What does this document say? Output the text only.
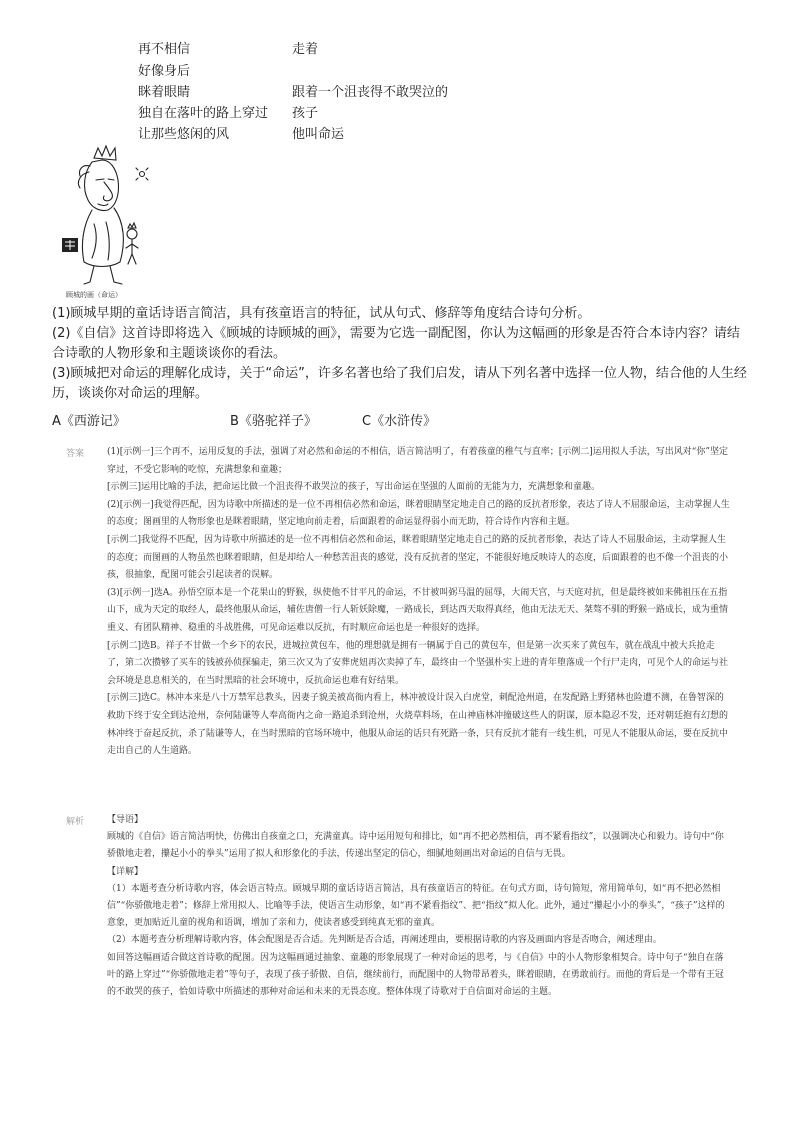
再不相信	走着
好像身后
眯着眼睛	跟着一个沮丧得不敢哭泣的
独自在落叶的路上穿过 孩子
让那些悠闲的风	他叫命运
顾城的画（命运）

(1)顾城早期的童话诗语言简洁，具有孩童语言的特征，试从句式、修辞等角度结合诗句分析。

(2)《自信》这首诗即将选入《顾城的诗顾城的画》，需要为它选一副配图，你认为这幅画的形象是否符合本诗内容？请结合诗歌的人物形象和主题谈谈你的看法。

(3)顾城把对命运的理解化成诗，关于“命运”，许多名著也给了我们启发，请从下列名著中选择一位人物，结合他的人生经历，谈谈你对命运的理解。

A《西游记》	B《骆驼祥子》	C《水浒传》
答案	(1)[示例一]三个再不，运用反复的手法，强调了对必然和命运的不相信，语言简洁明了，有着孩童的稚气与直率；[示例二]运用拟人手法，写出风对“你”坚定穿过，不受它影响的吃惊，充满想象和童趣；

[示例三]运用比喻的手法，把命运比做一个沮丧得不敢哭泣的孩子，写出命运在坚强的人面前的无能为力，充满想象和童趣。

(2)[示例一]我觉得匹配，因为诗歌中所描述的是一位不再相信必然和命运，眯着眼睛坚定地走自己的路的反抗者形象，表达了诗人不屈服命运，主动掌握人生的态度；图画里的人物形象也是眯着眼睛，坚定地向前走着，后面跟着的命运显得弱小而无助，符合诗作内容和主题。

[示例二]我觉得不匹配，因为诗歌中所描述的是一位不再相信必然和命运，眯着眼睛坚定地走自己的路的反抗者形象，表达了诗人不屈服命运，主动掌握人生的态度；而图画的人物虽然也眯着眼睛，但是却给人一种愁苦沮丧的感觉，没有反抗者的坚定，不能很好地反映诗人的态度，后面跟着的也不像一个沮丧的小孩，很抽象，配图可能会引起读者的误解。

(3)[示例一]选A。孙悟空原本是一个花果山的野猴，纵使他不甘平凡的命运，不甘被叫弼马温的屈辱，大闹天宫，与天庭对抗，但是最终被如来佛祖压在五指山下，成为天定的取经人，最终他服从命运，辅佐唐僧一行人斩妖除魔，一路成长，到达西天取得真经，他由无法无天、桀骜不驯的野猴一路成长，成为重情重义、有团队精神、稳重的斗战胜佛，可见命运难以反抗，有时顺应命运也是一种很好的选择。

[示例二]选B。祥子不甘做一个乡下的农民，进城拉黄包车，他的理想就是拥有一辆属于自己的黄包车，但是第一次买来了黄包车，就在战乱中被大兵抢走了，第二次攒够了买车的钱被孙侦探骗走，第三次又为了安葬虎妞再次卖掉了车，最终由一个坚强朴实上进的青年堕落成一个行尸走肉，可见个人的命运与社会环境是息息相关的，在当时黑暗的社会环境中，反抗命运也难有好结果。

[示例三]选C。林冲本来是八十万禁军总教头，因妻子貌美被高衙内看上，林冲被设计误入白虎堂，刺配沧州道，在发配路上野猪林也险遭不测，在鲁智深的救助下终于安全到达沧州，奈何陆谦等人奉高衙内之命一路追杀到沧州，火烧草料场，在山神庙林冲撞破这些人的阴谋，原本隐忍不发，还对朝廷抱有幻想的林冲终于奋起反抗，杀了陆谦等人，在当时黑暗的官场环境中，他服从命运的话只有死路一条，只有反抗才能有一线生机，可见人不能服从命运，要在反抗中走出自己的人生道路。

解析	【导语】

顾城的《自信》语言简洁明快，仿佛出自孩童之口，充满童真。诗中运用短句和排比，如“再不把必然相信，再不紧看指纹”，以强调决心和毅力。诗句中“你骄傲地走着，攥起小小的拳头”运用了拟人和形象化的手法，传递出坚定的信心，细腻地刻画出对命运的自信与无畏。

【详解】

（1）本题考查分析诗歌内容，体会语言特点。顾城早期的童话诗语言简洁，具有孩童语言的特征。在句式方面，诗句简短，常用简单句，如“再不把必然相信”“你骄傲地走着”；修辞上常用拟人、比喻等手法，使语言生动形象，如“再不紧看指纹”、把“指纹”拟人化。此外，通过“攥起小小的拳头”，“孩子”这样的意象，更加贴近儿童的视角和语调，增加了亲和力，使读者感受到纯真无邪的童真。

（2）本题考查分析理解诗歌内容，体会配图是否合适。先判断是否合适，再阐述理由，要根据诗歌的内容及画面内容是否吻合，阐述理由。

如回答这幅画适合做这首诗歌的配图。因为这幅画通过抽象、童趣的形象展现了一种对命运的思考，与《自信》中的小人物形象相契合。诗中句子“独自在落叶的路上穿过”“你骄傲地走着”等句子，表现了孩子骄傲、自信，继续前行，而配图中的人物带昂着头，眯着眼睛，在勇敢前行。而他的背后是一个带有王冠的不敢哭的孩子，恰如诗歌中所描述的那种对命运和未来的无畏态度。整体体现了诗歌对于自信面对命运的主题。
